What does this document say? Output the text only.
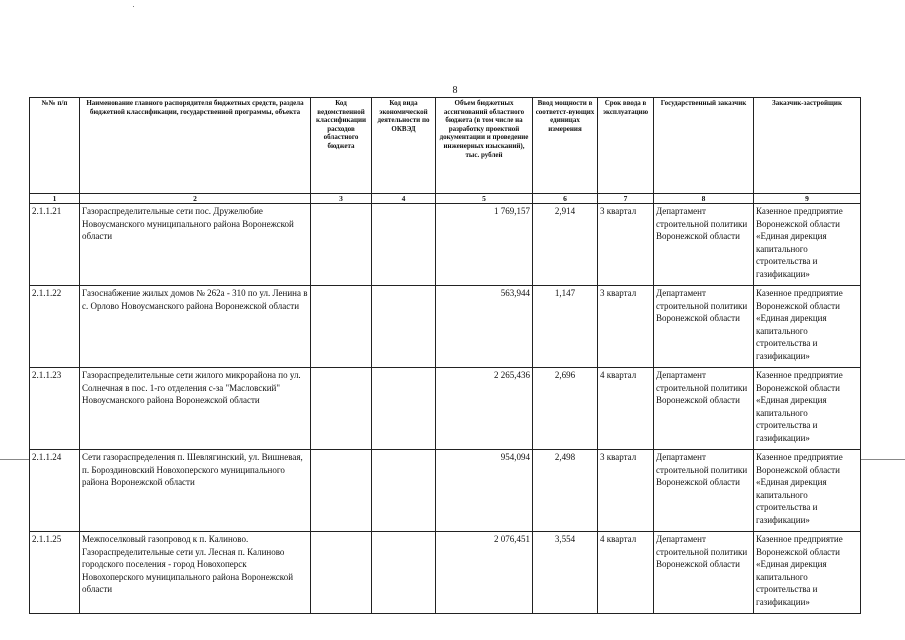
8
№№ п/п	Наименование главного распорядителя бюджетных средств, раздела бюджетной классификации, государственной программы, объекта	Код ведомственной классификации расходов областного бюджета	Код вида экономической деятельности по ОКВЭД	Объем бюджетных ассигнований областного бюджета (в том числе на разработку проектной документации и проведение инженерных изысканий), тыс. рублей	Ввод мощности в соответст-вующих единицах измерения	Срок ввода в эксплуатацию	Государственный заказчик	Заказчик-застройщик
1	2	3	4	5	6	7	8	9
2.1.1.21	Газораспределительные сети пос. Дружелюбие Новоусманского муниципального района Воронежской области			1 769,157	2,914	3 квартал	Департамент строительной политики Воронежской области	Казенное предприятие Воронежской области «Единая дирекция капитального строительства и газификации»
2.1.1.22	Газоснабжение жилых домов № 262а - 310 по ул. Ленина в с. Орлово Новоусманского района Воронежской области			563,944	1,147	3 квартал	Департамент строительной политики Воронежской области	Казенное предприятие Воронежской области «Единая дирекция капитального строительства и газификации»
2.1.1.23	Газораспределительные сети жилого микрорайона по ул. Солнечная в пос. 1-го отделения с-за "Масловский" Новоусманского района Воронежской области			2 265,436	2,696	4 квартал	Департамент строительной политики Воронежской области	Казенное предприятие Воронежской области «Единая дирекция капитального строительства и газификации»
2.1.1.24	Сети газораспределения п. Шевлягинский, ул. Вишневая, п. Бороздиновский Новохоперского муниципального района Воронежской области			954,094	2,498	3 квартал	Департамент строительной политики Воронежской области	Казенное предприятие Воронежской области «Единая дирекция капитального строительства и газификации»
2.1.1.25	Межпоселковый газопровод к п. Калиново. Газораспределительные сети ул. Лесная п. Калиново городского поселения - город Новохоперск Новохоперского муниципального района Воронежской области			2 076,451	3,554	4 квартал	Департамент строительной политики Воронежской области	Казенное предприятие Воронежской области «Единая дирекция капитального строительства и газификации»
